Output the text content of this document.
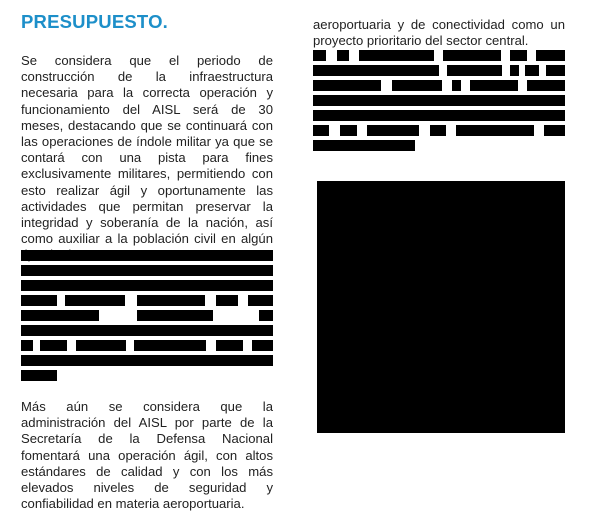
PRESUPUESTO.

Se considera que el periodo de construcción de la infraestructura necesaria para la correcta operación y funcionamiento del AISL será de 30 meses, destacando que se continuará con las operaciones de índole militar ya que se contará con una pista para fines exclusivamente militares, permitiendo con esto realizar ágil y oportunamente las actividades que permitan preservar la integridad y soberanía de la nación, así como auxiliar a la población civil en algún

Más aún se considera que la administración del AISL por parte de la Secretaría de la Defensa Nacional fomentará una operación ágil, con altos estándares de calidad y con los más elevados niveles de seguridad y confiabilidad en materia aeroportuaria.

aeroportuaria y de conectividad como un proyecto prioritario del sector central.
